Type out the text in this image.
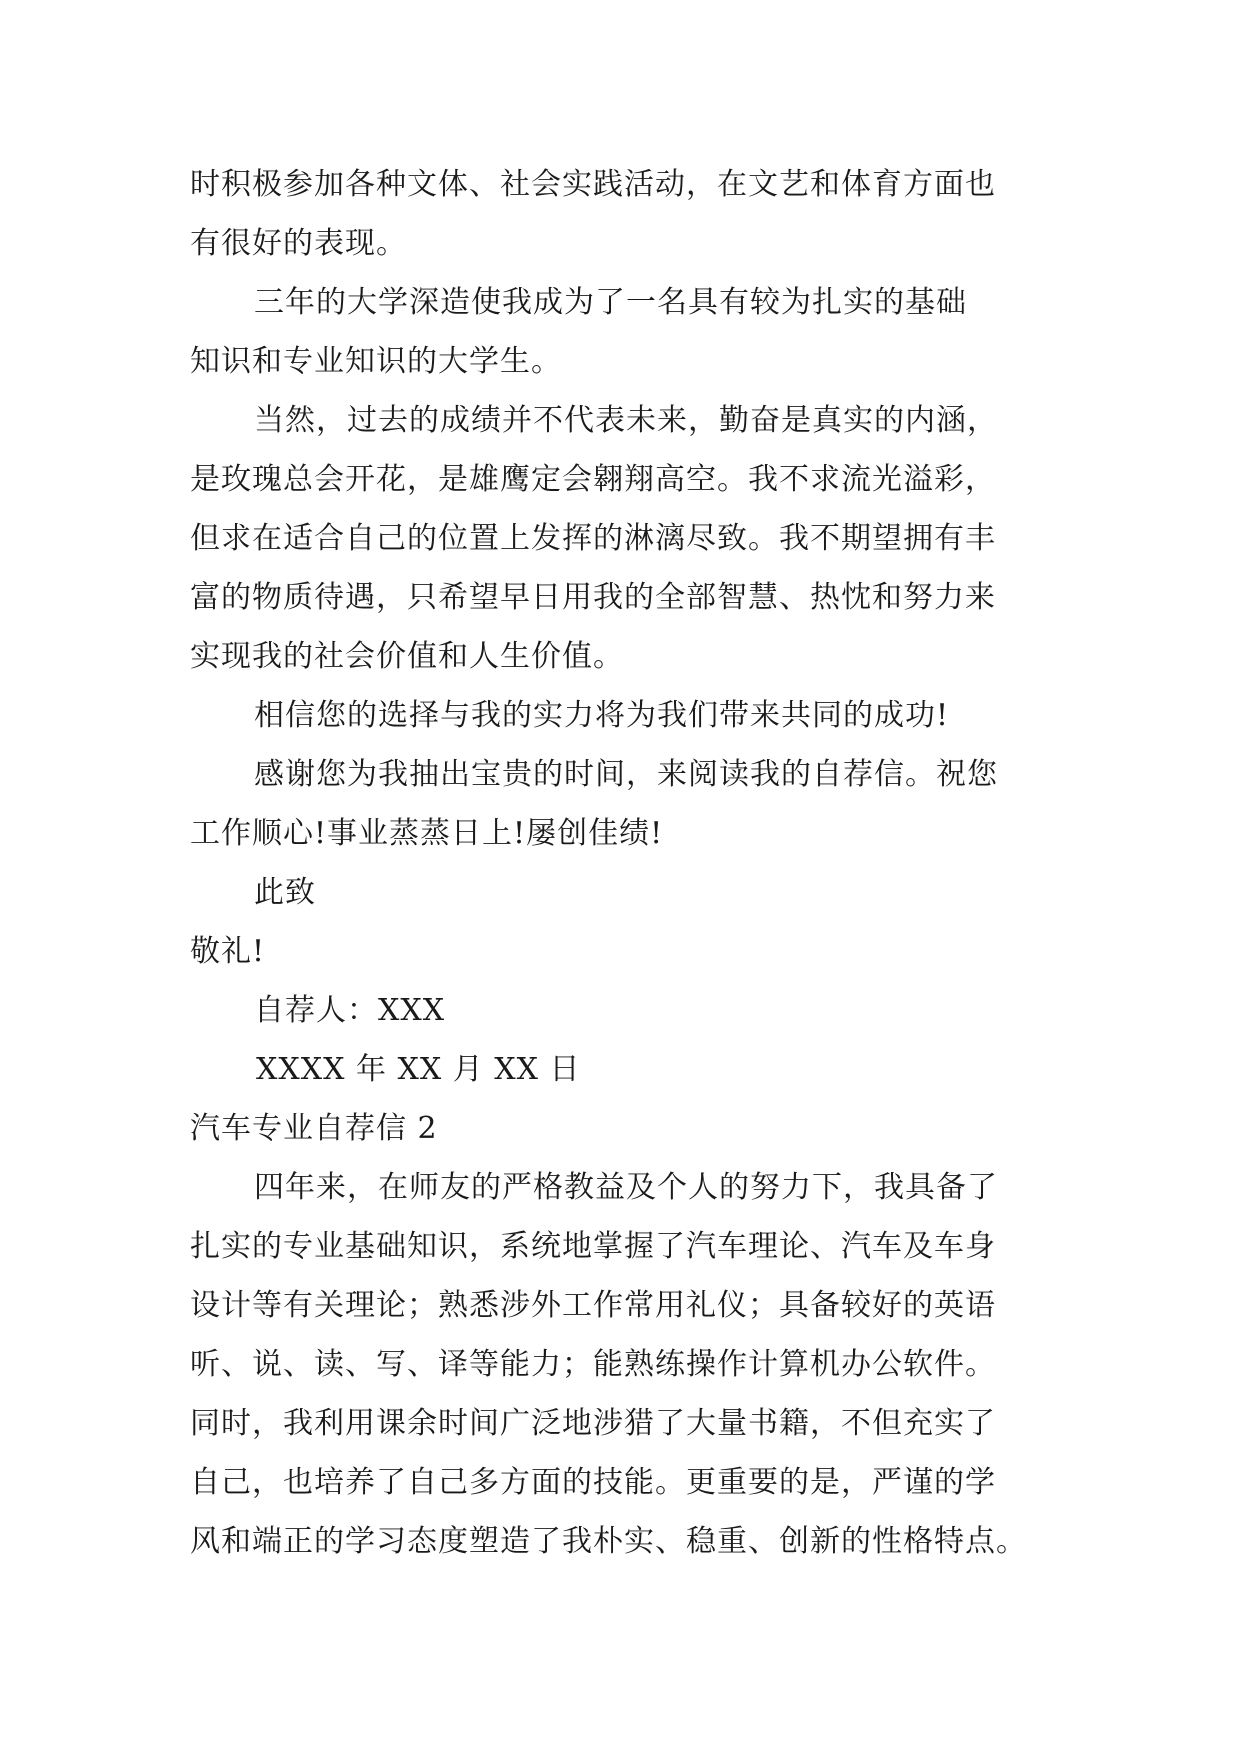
时积极参加各种文体、社会实践活动，在文艺和体育方面也
有很好的表现。
三年的大学深造使我成为了一名具有较为扎实的基础
知识和专业知识的大学生。
当然，过去的成绩并不代表未来，勤奋是真实的内涵，
是玫瑰总会开花，是雄鹰定会翱翔高空。我不求流光溢彩，
但求在适合自己的位置上发挥的淋漓尽致。我不期望拥有丰
富的物质待遇，只希望早日用我的全部智慧、热忱和努力来
实现我的社会价值和人生价值。
相信您的选择与我的实力将为我们带来共同的成功!
感谢您为我抽出宝贵的时间，来阅读我的自荐信。祝您
工作顺心!事业蒸蒸日上!屡创佳绩!
此致
敬礼!
自荐人：XXX
XXXX 年 XX 月 XX 日
汽车专业自荐信 2
四年来，在师友的严格教益及个人的努力下，我具备了
扎实的专业基础知识，系统地掌握了汽车理论、汽车及车身
设计等有关理论；熟悉涉外工作常用礼仪；具备较好的英语
听、说、读、写、译等能力；能熟练操作计算机办公软件。
同时，我利用课余时间广泛地涉猎了大量书籍，不但充实了
自己，也培养了自己多方面的技能。更重要的是，严谨的学
风和端正的学习态度塑造了我朴实、稳重、创新的性格特点。
